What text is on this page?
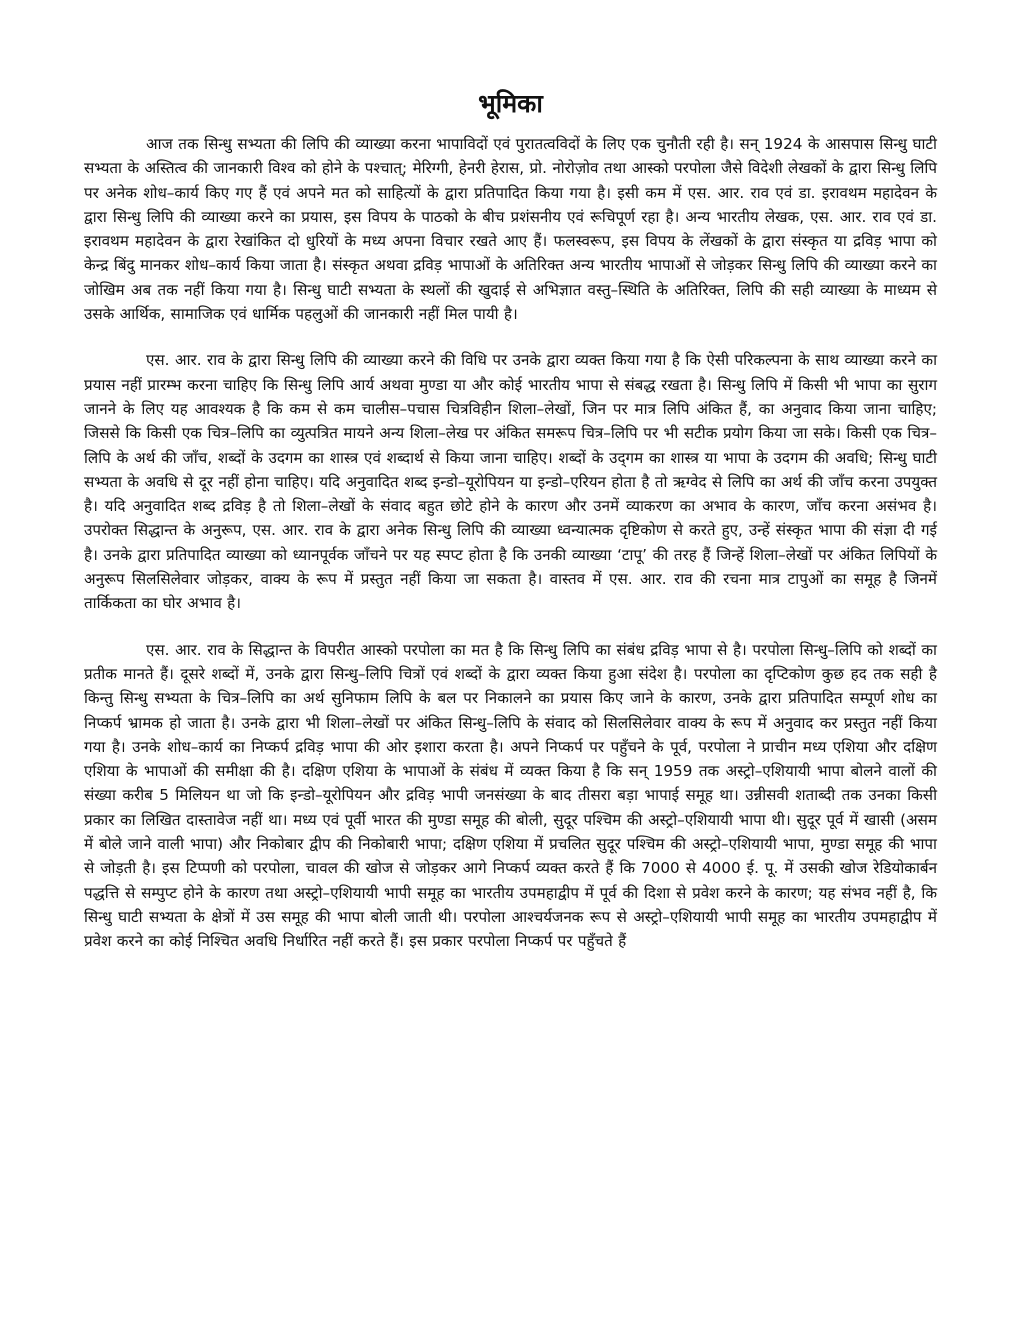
भूमिका

आज तक सिन्धु सभ्यता की लिपि की व्याख्या करना भापाविदों एवं पुरातत्वविदों के लिए एक चुनौती रही है। सन् 1924 के आसपास सिन्धु घाटी सभ्यता के अस्तित्व की जानकारी विश्व को होने के पश्चात्; मेरिग्गी, हेनरी हेरास, प्रो. नोरोज़ोव तथा आस्को परपोला जैसे विदेशी लेखकों के द्वारा सिन्धु लिपि पर अनेक शोध–कार्य किए गए हैं एवं अपने मत को साहित्यों के द्वारा प्रतिपादित किया गया है। इसी कम में एस. आर. राव एवं डा. इरावथम महादेवन के द्वारा सिन्धु लिपि की व्याख्या करने का प्रयास, इस विपय के पाठको के बीच प्रशंसनीय एवं रूचिपूर्ण रहा है। अन्य भारतीय लेखक, एस. आर. राव एवं डा. इरावथम महादेवन के द्वारा रेखांकित दो धुरियों के मध्य अपना विचार रखते आए हैं। फलस्वरूप, इस विपय के लेंखकों के द्वारा संस्कृत या द्रविड़ भापा को केन्द्र बिंदु मानकर शोध–कार्य किया जाता है। संस्कृत अथवा द्रविड़ भापाओं के अतिरिक्त अन्य भारतीय भापाओं से जोड़कर सिन्धु लिपि की व्याख्या करने का जोखिम अब तक नहीं किया गया है। सिन्धु घाटी सभ्यता के स्थलों की खुदाई से अभिज्ञात वस्तु–स्थिति के अतिरिक्त, लिपि की सही व्याख्या के माध्यम से उसके आर्थिक, सामाजिक एवं धार्मिक पहलुओं की जानकारी नहीं मिल पायी है।

एस. आर. राव के द्वारा सिन्धु लिपि की व्याख्या करने की विधि पर उनके द्वारा व्यक्त किया गया है कि ऐसी परिकल्पना के साथ व्याख्या करने का प्रयास नहीं प्रारम्भ करना चाहिए कि सिन्धु लिपि आर्य अथवा मुण्डा या और कोई भारतीय भापा से संबद्ध रखता है। सिन्धु लिपि में किसी भी भापा का सुराग जानने के लिए यह आवश्यक है कि कम से कम चालीस–पचास चित्रविहीन शिला–लेखों, जिन पर मात्र लिपि अंकित हैं, का अनुवाद किया जाना चाहिए; जिससे कि किसी एक चित्र–लिपि का व्युत्पत्रित मायने अन्य शिला–लेख पर अंकित समरूप चित्र–लिपि पर भी सटीक प्रयोग किया जा सके। किसी एक चित्र–लिपि के अर्थ की जाँच, शब्दों के उदगम का शास्त्र एवं शब्दार्थ से किया जाना चाहिए। शब्दों के उद्‌गम का शास्त्र या भापा के उदगम की अवधि; सिन्धु घाटी सभ्यता के अवधि से दूर नहीं होना चाहिए। यदि अनुवादित शब्द इन्डो–यूरोपियन या इन्डो–एरियन होता है तो ऋग्वेद से लिपि का अर्थ की जाँच करना उपयुक्त है। यदि अनुवादित शब्द द्रविड़ है तो शिला–लेखों के संवाद बहुत छोटे होने के कारण और उनमें व्याकरण का अभाव के कारण, जाँच करना असंभव है। उपरोक्त सिद्धान्त के अनुरूप, एस. आर. राव के द्वारा अनेक सिन्धु लिपि की व्याख्या ध्वन्यात्मक दृष्टिकोण से करते हुए, उन्हें संस्कृत भापा की संज्ञा दी गई है। उनके द्वारा प्रतिपादित व्याख्या को ध्यानपूर्वक जाँचने पर यह स्पप्ट होता है कि उनकी व्याख्या ‘टापू’ की तरह हैं जिन्हें शिला–लेखों पर अंकित लिपियों के अनुरूप सिलसिलेवार जोड़कर, वाक्य के रूप में प्रस्तुत नहीं किया जा सकता है। वास्तव में एस. आर. राव की रचना मात्र टापुओं का समूह है जिनमें तार्किकता का घोर अभाव है।

एस. आर. राव के सिद्धान्त के विपरीत आस्को परपोला का मत है कि सिन्धु लिपि का संबंध द्रविड़ भापा से है। परपोला सिन्धु–लिपि को शब्दों का प्रतीक मानते हैं। दूसरे शब्दों में, उनके द्वारा सिन्धु–लिपि चित्रों एवं शब्दों के द्वारा व्यक्त किया हुआ संदेश है। परपोला का दृप्टिकोण कुछ हद तक सही है किन्तु सिन्धु सभ्यता के चित्र–लिपि का अर्थ सुनिफाम लिपि के बल पर निकालने का प्रयास किए जाने के कारण, उनके द्वारा प्रतिपादित सम्पूर्ण शोध का निप्कर्प भ्रामक हो जाता है। उनके द्वारा भी शिला–लेखों पर अंकित सिन्धु–लिपि के संवाद को सिलसिलेवार वाक्य के रूप में अनुवाद कर प्रस्तुत नहीं किया गया है। उनके शोध–कार्य का निप्कर्प द्रविड़ भापा की ओर इशारा करता है। अपने निप्कर्प पर पहुँचने के पूर्व, परपोला ने प्राचीन मध्य एशिया और दक्षिण एशिया के भापाओं की समीक्षा की है। दक्षिण एशिया के भापाओं के संबंध में व्यक्त किया है कि सन् 1959 तक अस्ट्रो–एशियायी भापा बोलने वालों की संख्या करीब 5 मिलियन था जो कि इन्डो–यूरोपियन और द्रविड़ भापी जनसंख्या के बाद तीसरा बड़ा भापाई समूह था। उन्नीसवी शताब्दी तक उनका किसी प्रकार का लिखित दास्तावेज नहीं था। मध्य एवं पूर्वी भारत की मुण्डा समूह की बोली, सुदूर पश्चिम की अस्ट्रो–एशियायी भापा थी। सुदूर पूर्व में खासी (असम में बोले जाने वाली भापा) और निकोबार द्वीप की निकोबारी भापा; दक्षिण एशिया में प्रचलित सुदूर पश्चिम की अस्ट्रो–एशियायी भापा, मुण्डा समूह की भापा से जोड़ती है। इस टिप्पणी को परपोला, चावल की खोज से जोड़कर आगे निप्कर्प व्यक्त करते हैं कि 7000 से 4000 ई. पू. में उसकी खोज रेडियोकार्बन पद्धत्ति से सम्पुप्ट होने के कारण तथा अस्ट्रो–एशियायी भापी समूह का भारतीय उपमहाद्वीप में पूर्व की दिशा से प्रवेश करने के कारण; यह संभव नहीं है, कि सिन्धु घाटी सभ्यता के क्षेत्रों में उस समूह की भापा बोली जाती थी। परपोला आश्चर्यजनक रूप से अस्ट्रो–एशियायी भापी समूह का भारतीय उपमहाद्वीप में प्रवेश करने का कोई निश्चित अवधि निर्धारित नहीं करते हैं। इस प्रकार परपोला निप्कर्प पर पहुँचते हैं
